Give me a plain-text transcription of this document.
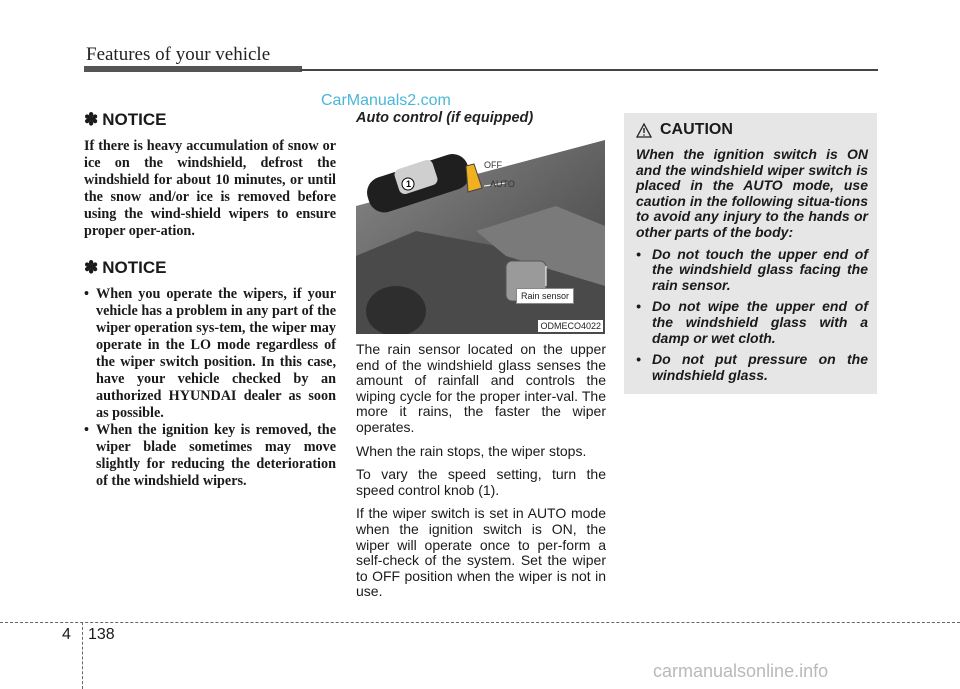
Features of your vehicle
CarManuals2.com
✽ NOTICE

If there is heavy accumulation of snow or ice on the windshield, defrost the windshield for about 10 minutes, or until the snow and/or ice is removed before using the wind-shield wipers to ensure proper oper-ation.

✽ NOTICE
• When you operate the wipers, if your vehicle has a problem in any part of the wiper operation sys-tem, the wiper may operate in the LO mode regardless of the wiper switch position. In this case, have your vehicle checked by an authorized HYUNDAI dealer as soon as possible.
• When the ignition key is removed, the wiper blade sometimes may move slightly for reducing the deterioration of the windshield wipers.
Auto control (if equipped)
OFF
AUTO
1
Rain sensor
ODMECO4022

The rain sensor located on the upper end of the windshield glass senses the amount of rainfall and controls the wiping cycle for the proper inter-val. The more it rains, the faster the wiper operates.

When the rain stops, the wiper stops.

To vary the speed setting, turn the speed control knob (1).

If the wiper switch is set in AUTO mode when the ignition switch is ON, the wiper will operate once to per-form a self-check of the system. Set the wiper to OFF position when the wiper is not in use.

CAUTION
When the ignition switch is ON and the windshield wiper switch is placed in the AUTO mode, use caution in the following situa-tions to avoid any injury to the hands or other parts of the body:
• Do not touch the upper end of the windshield glass facing the rain sensor.
• Do not wipe the upper end of the windshield glass with a damp or wet cloth.
• Do not put pressure on the windshield glass.
4 138
carmanualsonline.info
